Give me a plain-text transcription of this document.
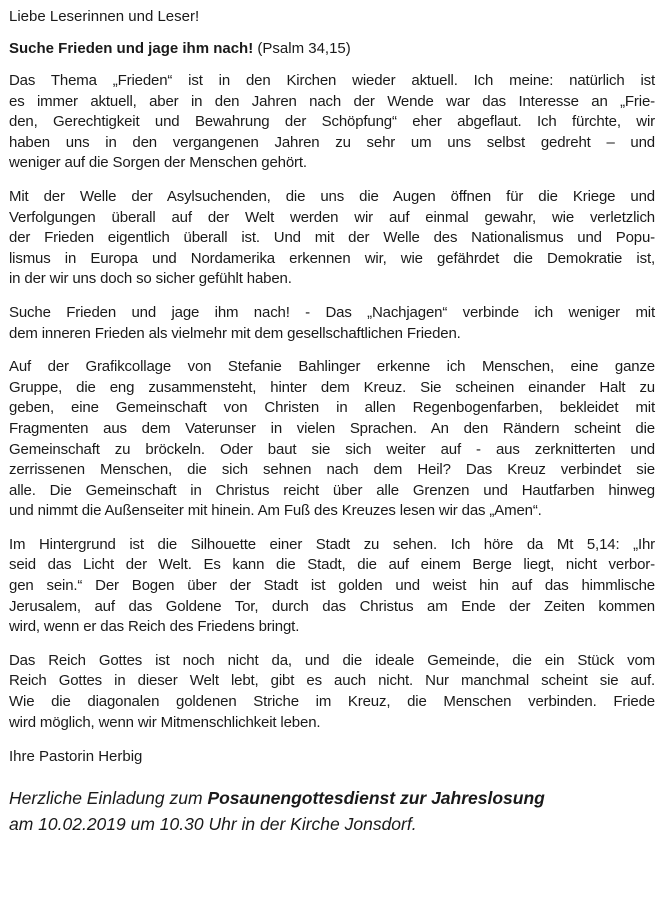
Liebe Leserinnen und Leser!
Suche Frieden und jage ihm nach! (Psalm 34,15)
Das Thema „Frieden“ ist in den Kirchen wieder aktuell. Ich meine: natürlich ist
es immer aktuell, aber in den Jahren nach der Wende war das Interesse an „Frie-
den, Gerechtigkeit und Bewahrung der Schöpfung“ eher abgeflaut. Ich fürchte, wir
haben uns in den vergangenen Jahren zu sehr um uns selbst gedreht – und
weniger auf die Sorgen der Menschen gehört.
Mit der Welle der Asylsuchenden, die uns die Augen öffnen für die Kriege und
Verfolgungen überall auf der Welt werden wir auf einmal gewahr, wie verletzlich
der Frieden eigentlich überall ist. Und mit der Welle des Nationalismus und Popu-
lismus in Europa und Nordamerika erkennen wir, wie gefährdet die Demokratie ist,
in der wir uns doch so sicher gefühlt haben.
Suche Frieden und jage ihm nach! - Das „Nachjagen“ verbinde ich weniger mit
dem inneren Frieden als vielmehr mit dem gesellschaftlichen Frieden.
Auf der Grafikcollage von Stefanie Bahlinger erkenne ich Menschen, eine ganze
Gruppe, die eng zusammensteht, hinter dem Kreuz. Sie scheinen einander Halt zu
geben, eine Gemeinschaft von Christen in allen Regenbogenfarben, bekleidet mit
Fragmenten aus dem Vaterunser in vielen Sprachen. An den Rändern scheint die
Gemeinschaft zu bröckeln. Oder baut sie sich weiter auf - aus zerknitterten und
zerrissenen Menschen, die sich sehnen nach dem Heil? Das Kreuz verbindet sie
alle. Die Gemeinschaft in Christus reicht über alle Grenzen und Hautfarben hinweg
und nimmt die Außenseiter mit hinein. Am Fuß des Kreuzes lesen wir das „Amen“.
Im Hintergrund ist die Silhouette einer Stadt zu sehen. Ich höre da Mt 5,14: „Ihr
seid das Licht der Welt. Es kann die Stadt, die auf einem Berge liegt, nicht verbor-
gen sein.“ Der Bogen über der Stadt ist golden und weist hin auf das himmlische
Jerusalem, auf das Goldene Tor, durch das Christus am Ende der Zeiten kommen
wird, wenn er das Reich des Friedens bringt.
Das Reich Gottes ist noch nicht da, und die ideale Gemeinde, die ein Stück vom
Reich Gottes in dieser Welt lebt, gibt es auch nicht. Nur manchmal scheint sie auf.
Wie die diagonalen goldenen Striche im Kreuz, die Menschen verbinden. Friede
wird möglich, wenn wir Mitmenschlichkeit leben.
Ihre Pastorin Herbig
Herzliche Einladung zum Posaunengottesdienst zur Jahreslosung
am 10.02.2019 um 10.30 Uhr in der Kirche Jonsdorf.
